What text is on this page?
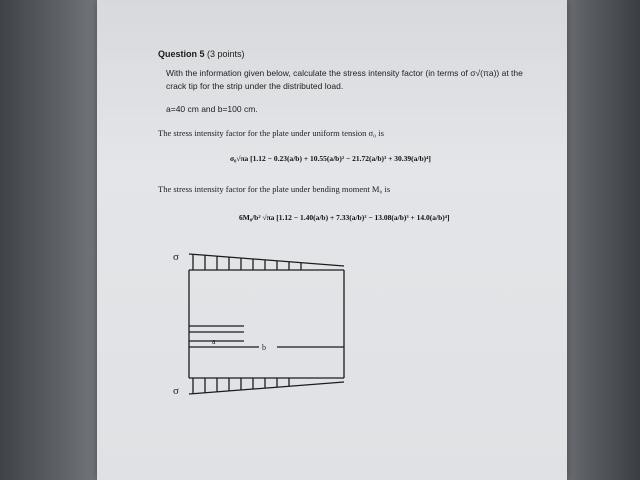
Question 5 (3 points)
With the information given below, calculate the stress intensity factor (in terms of σ√(πa)) at the crack tip for the strip under the distributed load.
a=40 cm and b=100 cm.
The stress intensity factor for the plate under uniform tension σ₀ is
σ₀√πa [1.12 − 0.23(a/b) + 10.55(a/b)² − 21.72(a/b)³ + 30.39(a/b)⁴]
The stress intensity factor for the plate under bending moment M₀ is
6M₀/b² √πa [1.12 − 1.40(a/b) + 7.33(a/b)² − 13.08(a/b)³ + 14.0(a/b)⁴]
σ
a
b
σ
